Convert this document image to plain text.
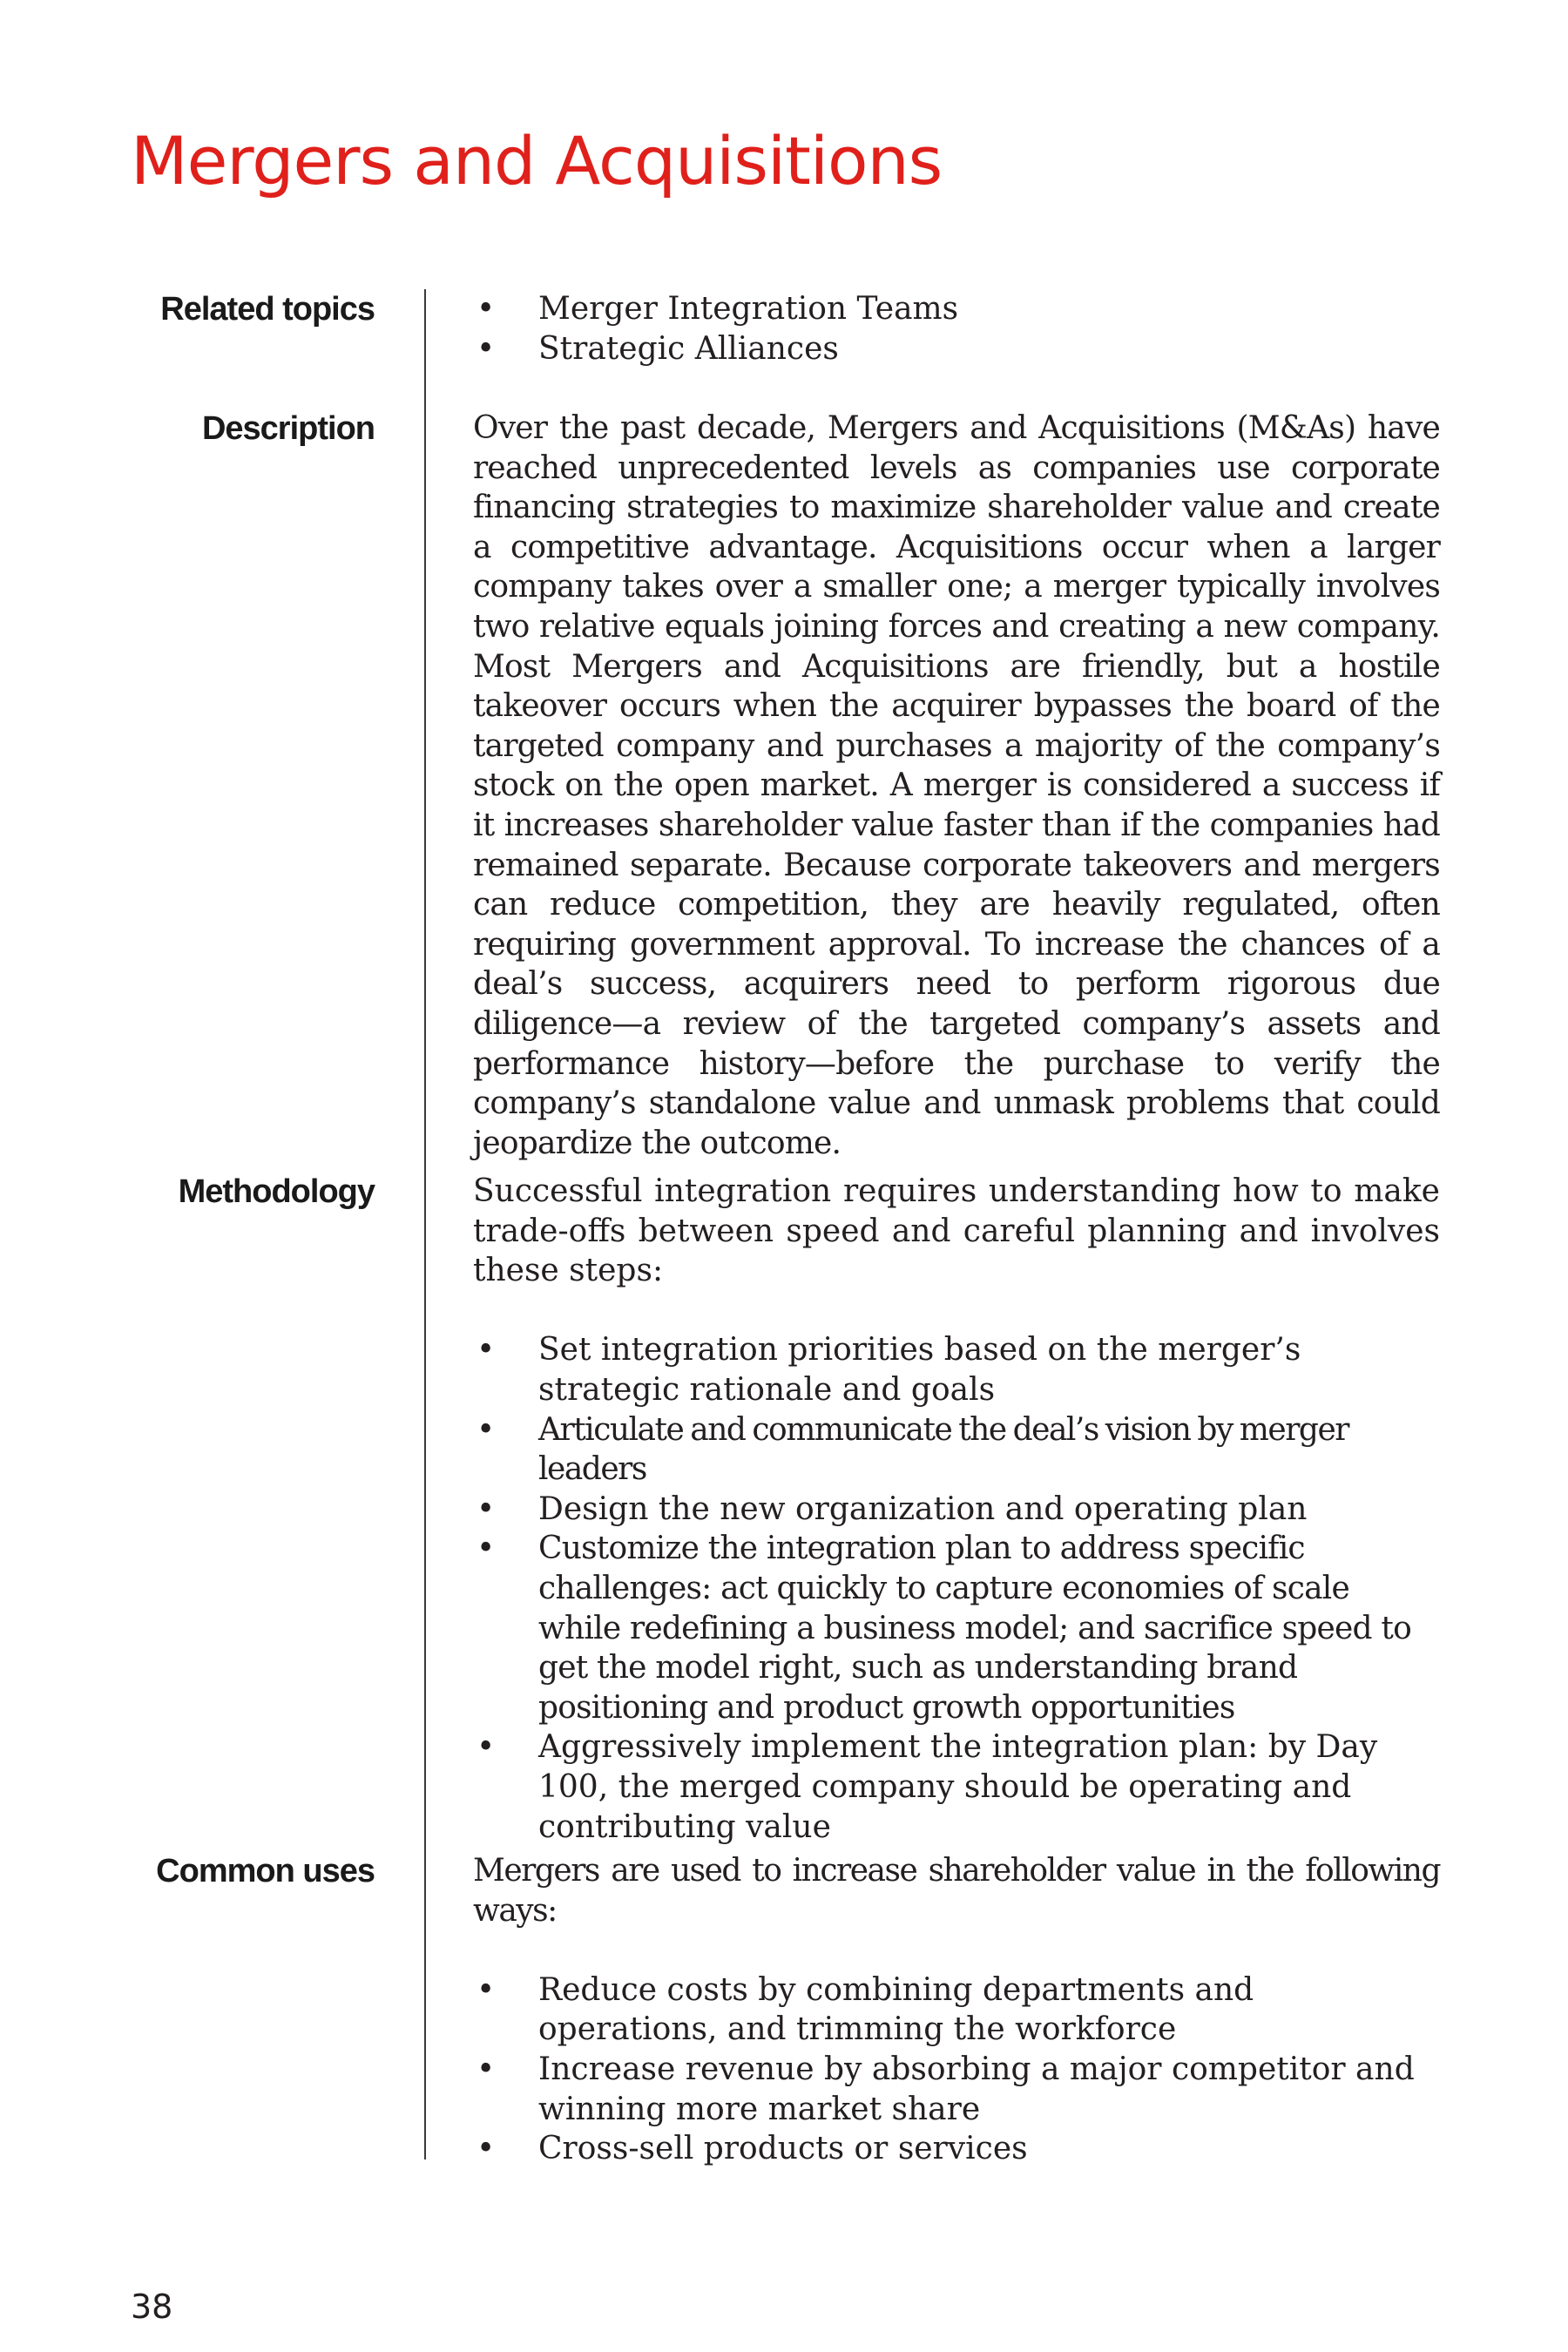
Mergers and Acquisitions
Related topics
Description
Methodology
Common uses
• Merger Integration Teams
• Strategic Alliances

Over the past decade, Mergers and Acquisitions (M&As) have reached unprecedented levels as companies use corporate financing strategies to maximize shareholder value and create a competitive advantage. Acquisitions occur when a larger company takes over a smaller one; a merger typically involves two relative equals joining forces and creating a new company. Most Mergers and Acquisitions are friendly, but a hostile takeover occurs when the acquirer bypasses the board of the targeted company and purchases a majority of the company’s stock on the open market. A merger is considered a success if it increases shareholder value faster than if the companies had remained separate. Because corporate takeovers and mergers can reduce competition, they are heavily regulated, often requiring government approval. To increase the chances of a deal’s success, acquirers need to perform rigorous due diligence—a review of the targeted company’s assets and performance history—before the purchase to verify the company’s standalone value and unmask problems that could jeopardize the outcome.

Successful integration requires understanding how to make trade-offs between speed and careful planning and involves these steps:

• Set integration priorities based on the merger’s strategic rationale and goals
• Articulate and communicate the deal’s vision by merger leaders
• Design the new organization and operating plan
• Customize the integration plan to address specific challenges: act quickly to capture economies of scale while redefining a business model; and sacrifice speed to get the model right, such as understanding brand positioning and product growth opportunities
• Aggressively implement the integration plan: by Day 100, the merged company should be operating and contributing value

Mergers are used to increase shareholder value in the following ways:

• Reduce costs by combining departments and operations, and trimming the workforce
• Increase revenue by absorbing a major competitor and winning more market share
• Cross-sell products or services
38
